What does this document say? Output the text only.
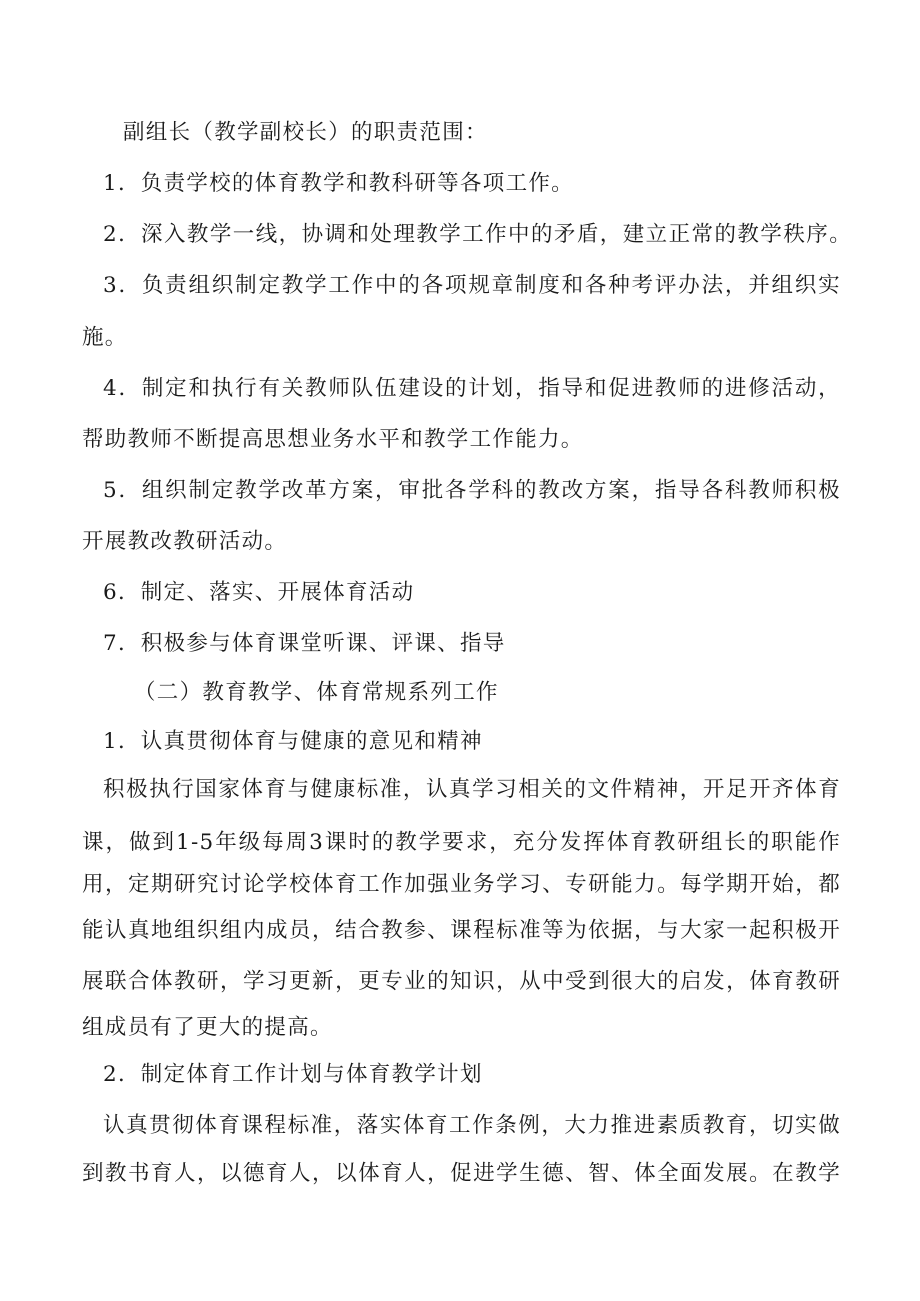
副组长（教学副校长）的职责范围：
1．负责学校的体育教学和教科研等各项工作。
2．深入教学一线，协调和处理教学工作中的矛盾，建立正常的教学秩序。
3．负责组织制定教学工作中的各项规章制度和各种考评办法，并组织实
施。
4．制定和执行有关教师队伍建设的计划，指导和促进教师的进修活动，
帮助教师不断提高思想业务水平和教学工作能力。
5．组织制定教学改革方案，审批各学科的教改方案，指导各科教师积极
开展教改教研活动。
6．制定、落实、开展体育活动
7．积极参与体育课堂听课、评课、指导
（二）教育教学、体育常规系列工作
1．认真贯彻体育与健康的意见和精神
积极执行国家体育与健康标准，认真学习相关的文件精神，开足开齐体育
课，做到1-5年级每周3课时的教学要求，充分发挥体育教研组长的职能作
用，定期研究讨论学校体育工作加强业务学习、专研能力。每学期开始，都
能认真地组织组内成员，结合教参、课程标准等为依据，与大家一起积极开
展联合体教研，学习更新，更专业的知识，从中受到很大的启发，体育教研
组成员有了更大的提高。
2．制定体育工作计划与体育教学计划
认真贯彻体育课程标准，落实体育工作条例，大力推进素质教育，切实做
到教书育人，以德育人，以体育人，促进学生德、智、体全面发展。在教学
